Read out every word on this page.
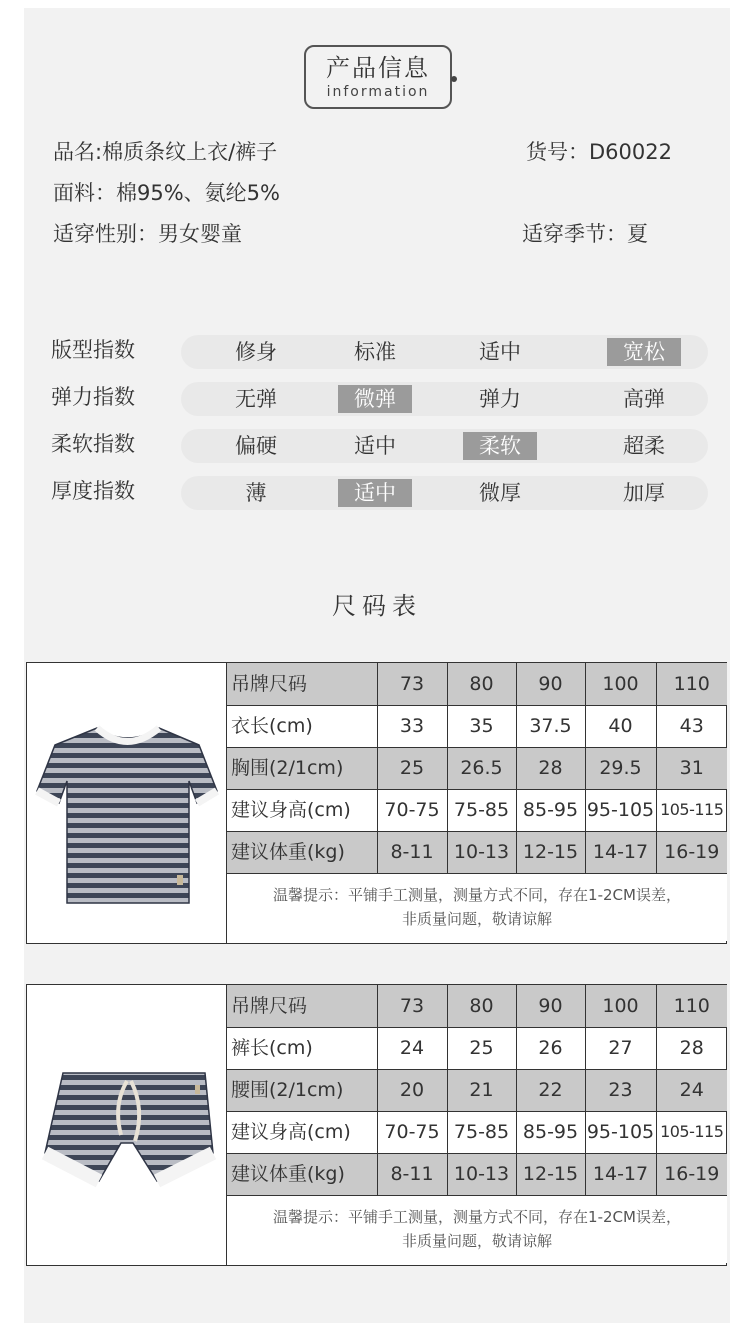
产品信息
information
品名:棉质条纹上衣/裤子	货号：D60022
面料：棉95%、氨纶5%
适穿性别：男女婴童	适穿季节：夏
版型指数	修身	标准	适中	宽松
弹力指数	无弹	微弹	弹力	高弹
柔软指数	偏硬	适中	柔软	超柔
厚度指数	薄	适中	微厚	加厚
尺码表
吊牌尺码	73	80	90	100	110
衣长(cm)	33	35	37.5	40	43
胸围(2/1cm)	25	26.5	28	29.5	31
建议身高(cm)	70-75	75-85	85-95	95-105	105-115
建议体重(kg)	8-11	10-13	12-15	14-17	16-19

温馨提示：平铺手工测量，测量方式不同，存在1-2CM误差，
非质量问题，敬请谅解					
吊牌尺码	73	80	90	100	110
裤长(cm)	24	25	26	27	28
腰围(2/1cm)	20	21	22	23	24
建议身高(cm)	70-75	75-85	85-95	95-105	105-115
建议体重(kg)	8-11	10-13	12-15	14-17	16-19

温馨提示：平铺手工测量，测量方式不同，存在1-2CM误差，
非质量问题，敬请谅解					
